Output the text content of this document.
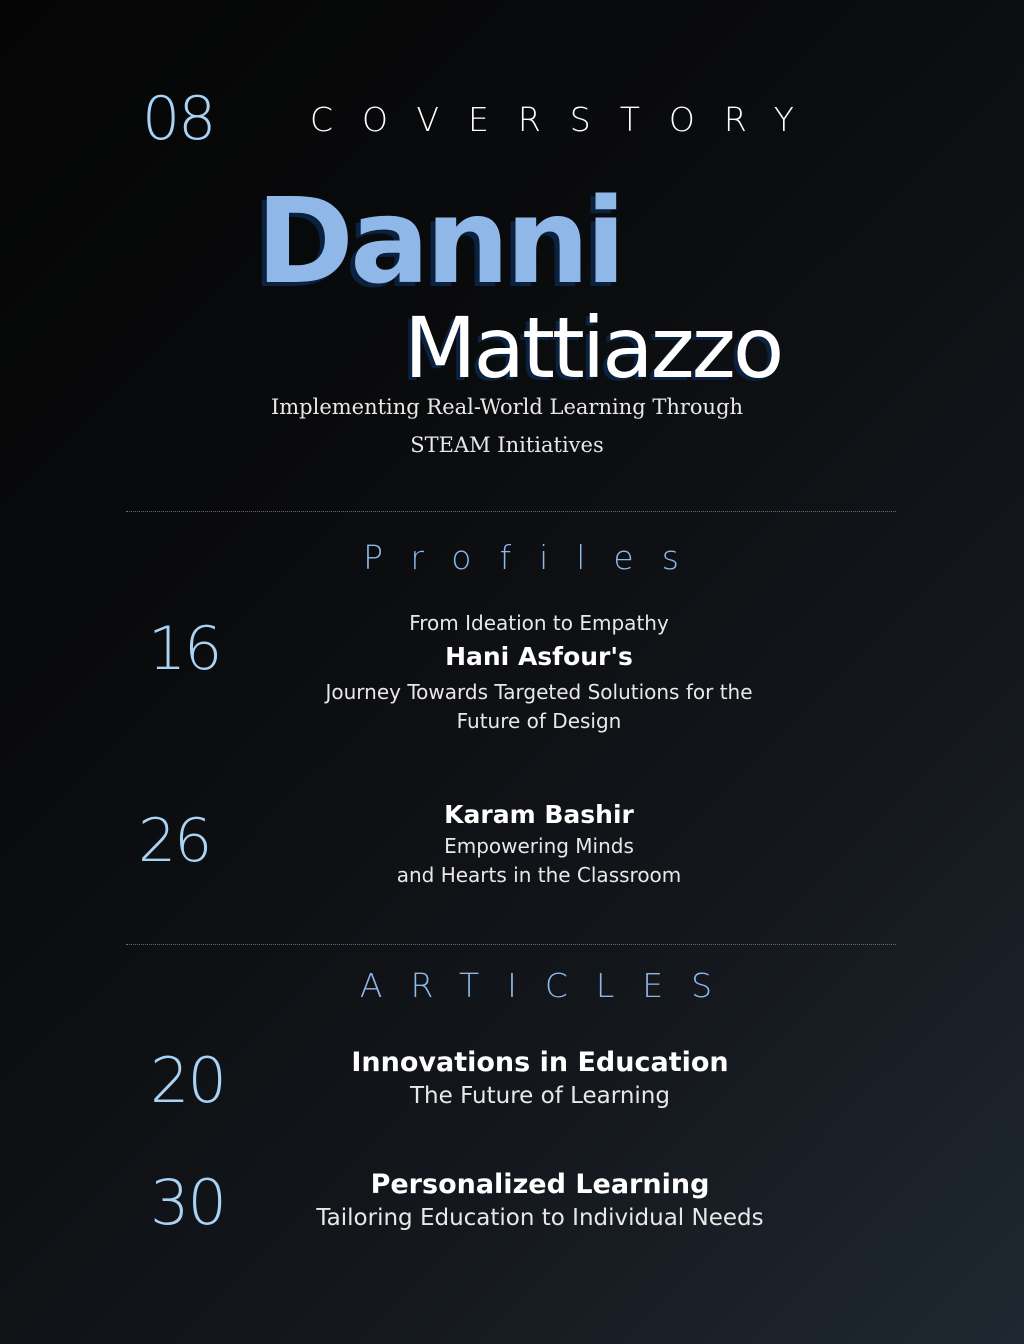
08	COVERSTORY
Danni
Mattiazzo
Implementing Real-World Learning Through
STEAM Initiatives
Profiles
16	From Ideation to Empathy
Hani Asfour's
Journey Towards Targeted Solutions for the
Future of Design
26	Karam Bashir
Empowering Minds
and Hearts in the Classroom
ARTICLES
20	Innovations in Education
The Future of Learning
30	Personalized Learning
Tailoring Education to Individual Needs
